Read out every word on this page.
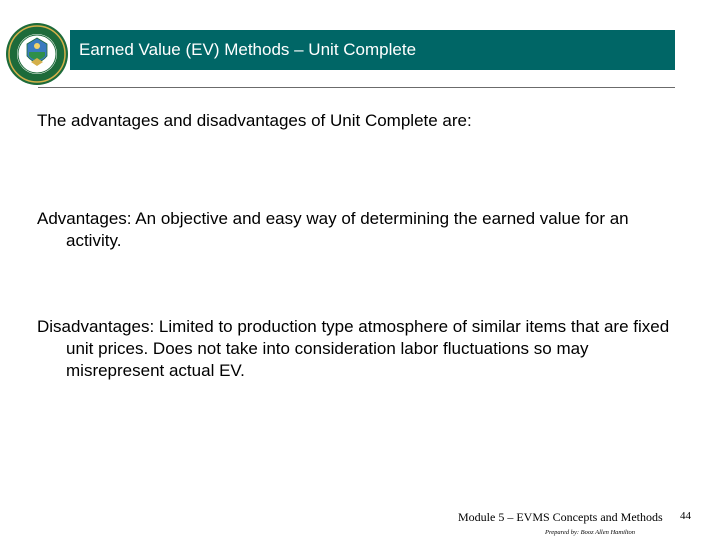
Earned Value (EV) Methods – Unit Complete
The advantages and disadvantages of Unit Complete are:
Advantages: An objective and easy way of determining the earned value for an activity.
Disadvantages: Limited to production type atmosphere of similar items that are fixed unit prices. Does not take into consideration labor fluctuations so may misrepresent actual EV.
Module 5 – EVMS Concepts and Methods
Prepared by: Booz Allen Hamilton
44
